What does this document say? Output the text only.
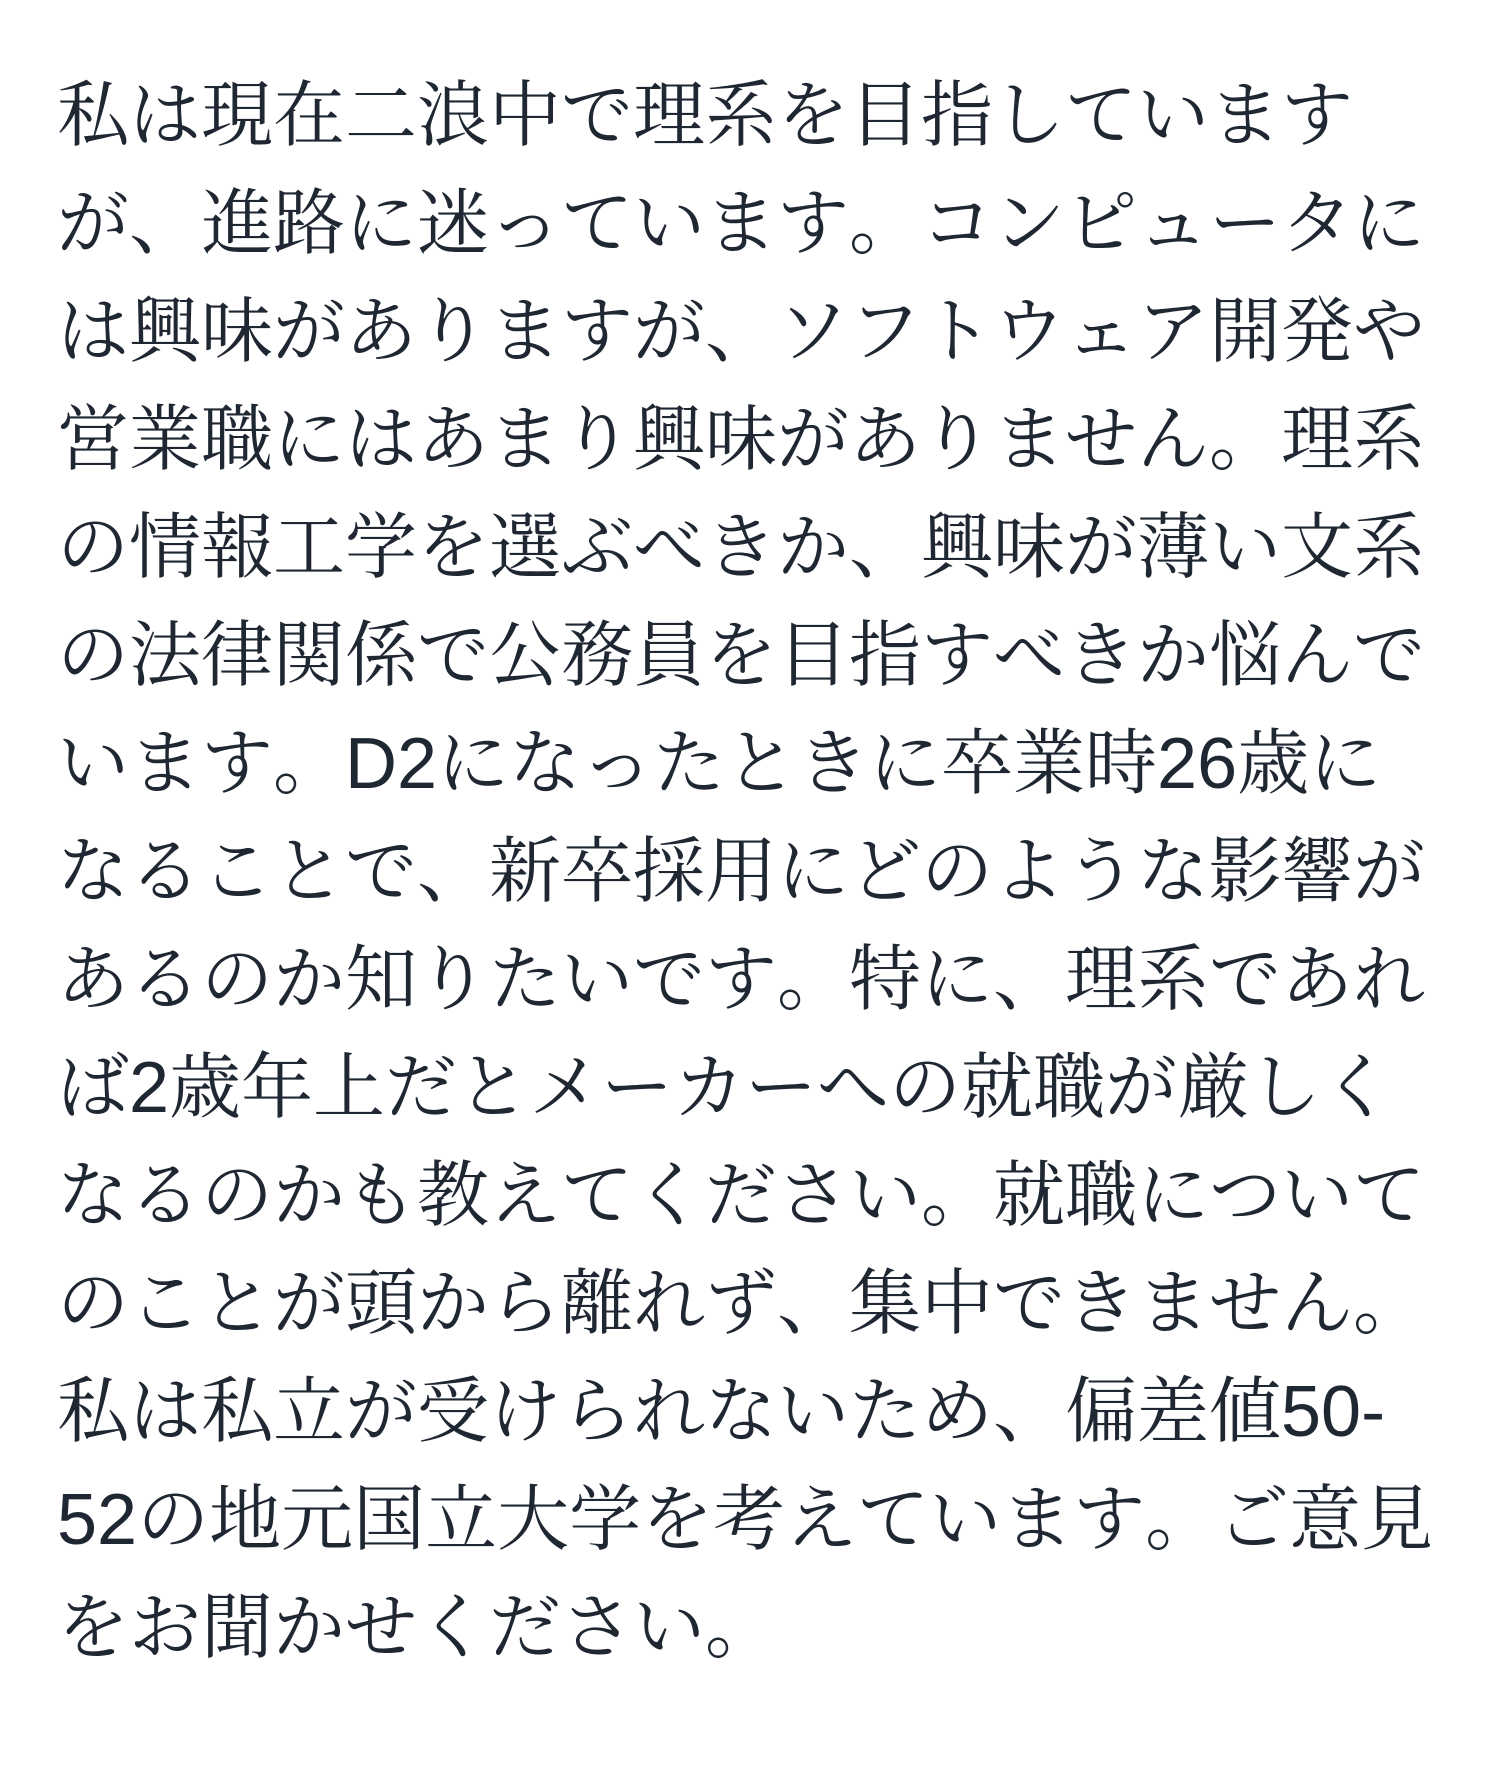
私は現在二浪中で理系を目指していますが、進路に迷っています。コンピュータには興味がありますが、ソフトウェア開発や営業職にはあまり興味がありません。理系の情報工学を選ぶべきか、興味が薄い文系の法律関係で公務員を目指すべきか悩んでいます。D2になったときに卒業時26歳になることで、新卒採用にどのような影響があるのか知りたいです。特に、理系であれば2歳年上だとメーカーへの就職が厳しくなるのかも教えてください。就職についてのことが頭から離れず、集中できません。私は私立が受けられないため、偏差値50-52の地元国立大学を考えています。ご意見をお聞かせください。
